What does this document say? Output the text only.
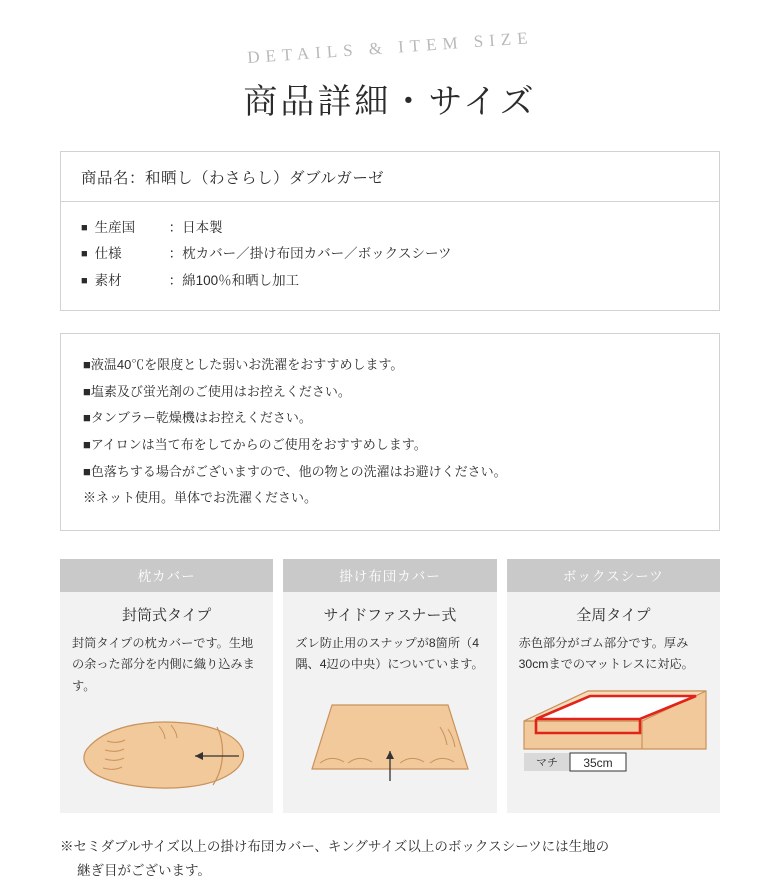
DETAILS & ITEM SIZE
商品詳細・サイズ
商品名：和晒し（わさらし）ダブルガーゼ
■ 生産国	： 日本製
■ 仕様	： 枕カバー／掛け布団カバー／ボックスシーツ
■ 素材	： 綿100％和晒し加工
■液温40℃を限度とした弱いお洗濯をおすすめします。
■塩素及び蛍光剤のご使用はお控えください。
■タンブラー乾燥機はお控えください。
■アイロンは当て布をしてからのご使用をおすすめします。
■色落ちする場合がございますので、他の物との洗濯はお避けください。
※ネット使用。単体でお洗濯ください。
枕カバー
封筒式タイプ
封筒タイプの枕カバーです。生地の余った部分を内側に織り込みます。
掛け布団カバー
サイドファスナー式
ズレ防止用のスナップが8箇所（4隅、4辺の中央）についています。
ボックスシーツ
全周タイプ
赤色部分がゴム部分です。厚み30cmまでのマットレスに対応。
マチ 35cm
※セミダブルサイズ以上の掛け布団カバー、キングサイズ以上のボックスシーツには生地の
継ぎ目がございます。
